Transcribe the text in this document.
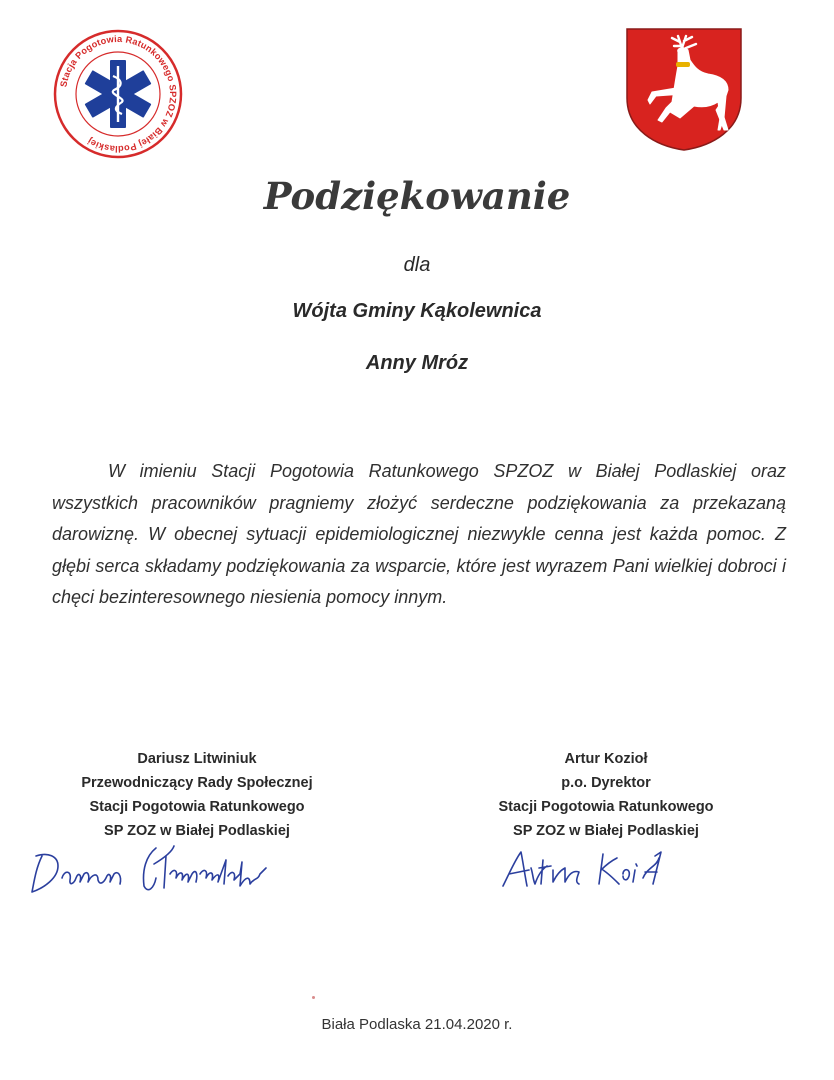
Stacja Pogotowia Ratunkowego SPZOZ w Białej Podlaskiej
Podziękowanie
dla
Wójta Gminy Kąkolewnica
Anny Mróz

W imieniu Stacji Pogotowia Ratunkowego SPZOZ w Białej Podlaskiej oraz wszystkich pracowników pragniemy złożyć serdeczne podziękowania za przekazaną darowiznę. W obecnej sytuacji epidemiologicznej niezwykle cenna jest każda pomoc. Z głębi serca składamy podziękowania za wsparcie, które jest wyrazem Pani wielkiej dobroci i chęci bezinteresownego niesienia pomocy innym.

Dariusz Litwiniuk
Przewodniczący Rady Społecznej
Stacji Pogotowia Ratunkowego
SP ZOZ w Białej Podlaskiej
Artur Kozioł
p.o. Dyrektor
Stacji Pogotowia Ratunkowego
SP ZOZ w Białej Podlaskiej
Biała Podlaska 21.04.2020 r.
